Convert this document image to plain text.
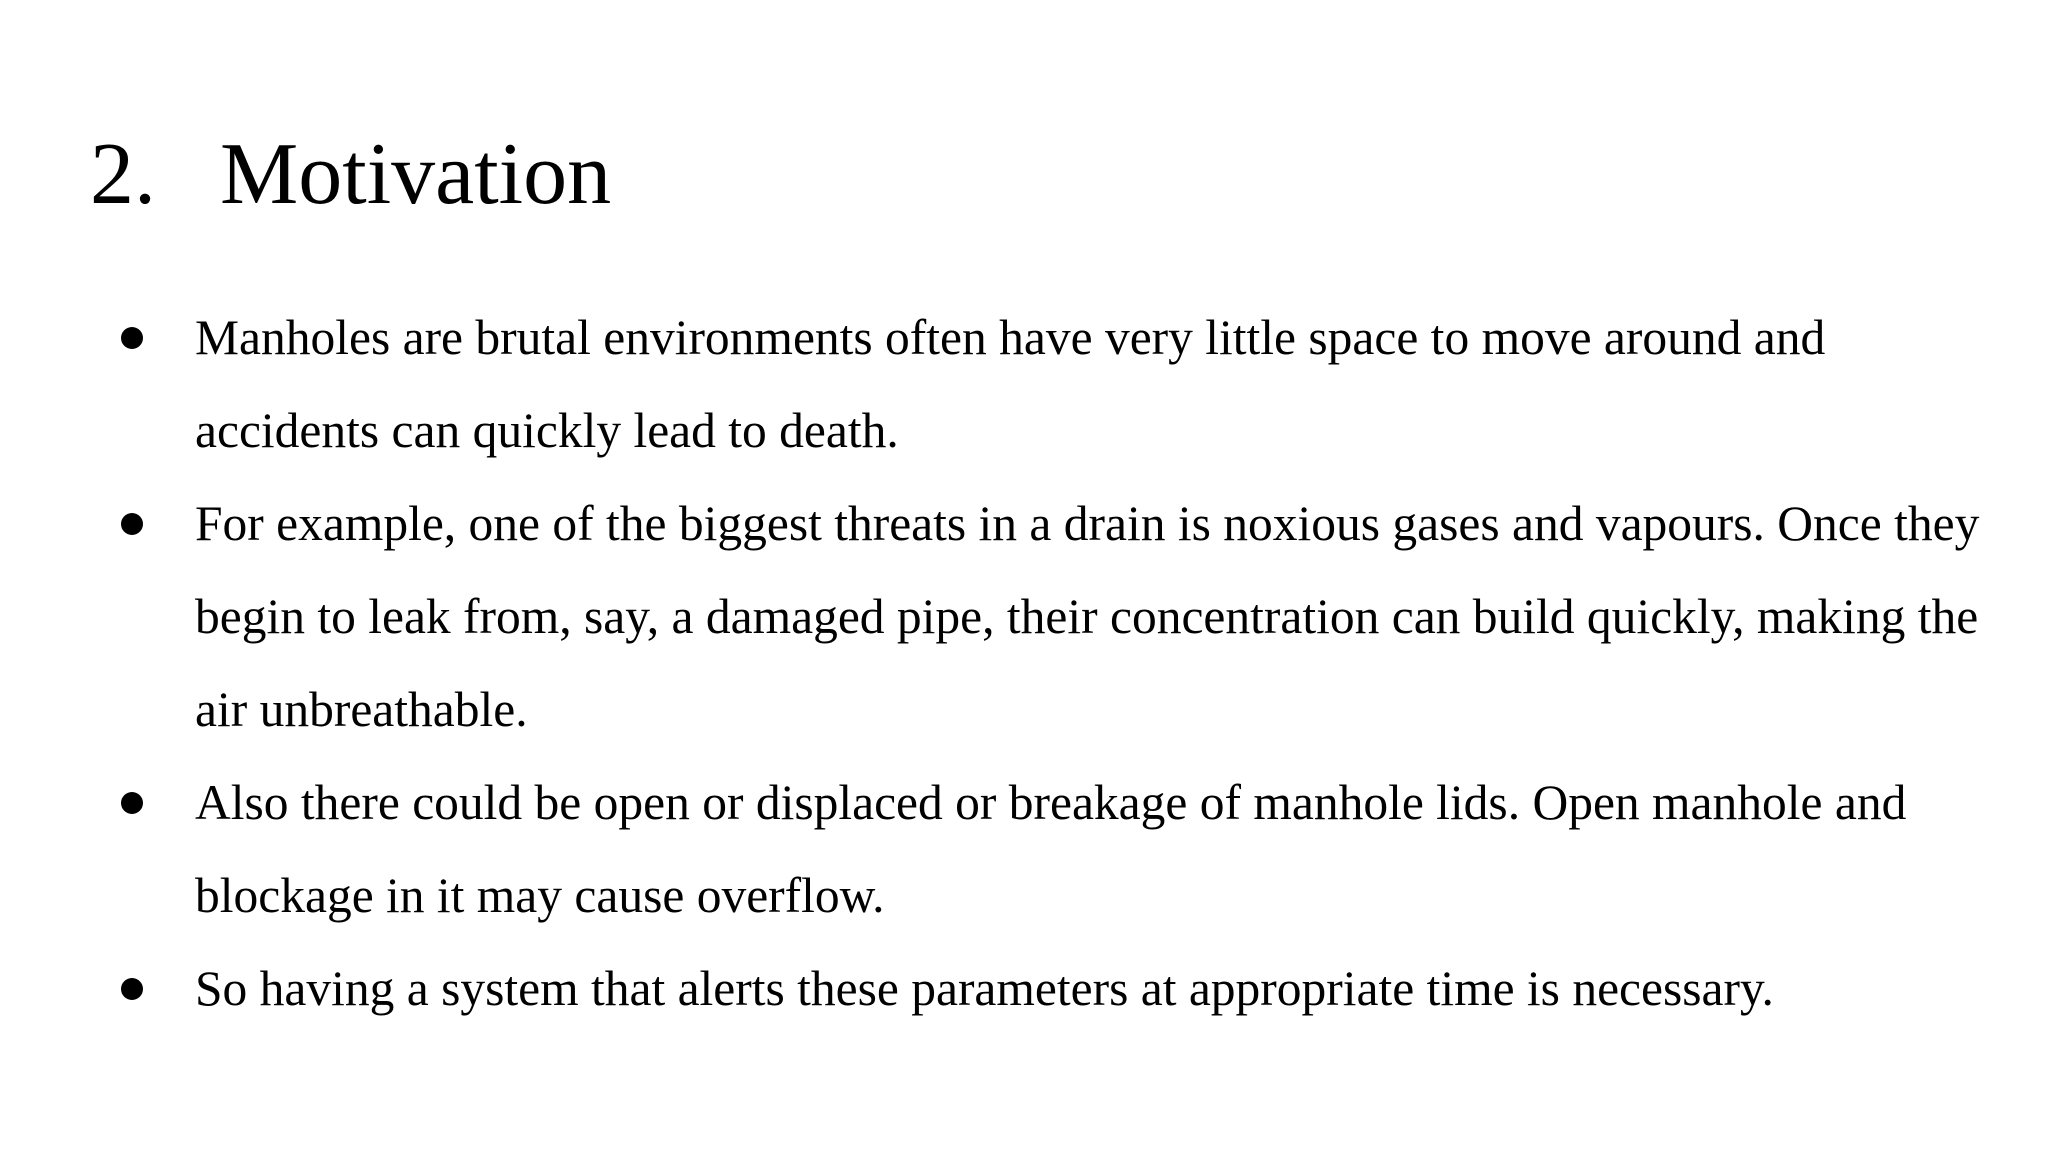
2. Motivation
Manholes are brutal environments often have very little space to move around and accidents can quickly lead to death.
For example, one of the biggest threats in a drain is noxious gases and vapours. Once they begin to leak from, say, a damaged pipe, their concentration can build quickly, making the air unbreathable.
Also there could be open or displaced or breakage of manhole lids. Open manhole and blockage in it may cause overflow.
So having a system that alerts these parameters at appropriate time is necessary.
